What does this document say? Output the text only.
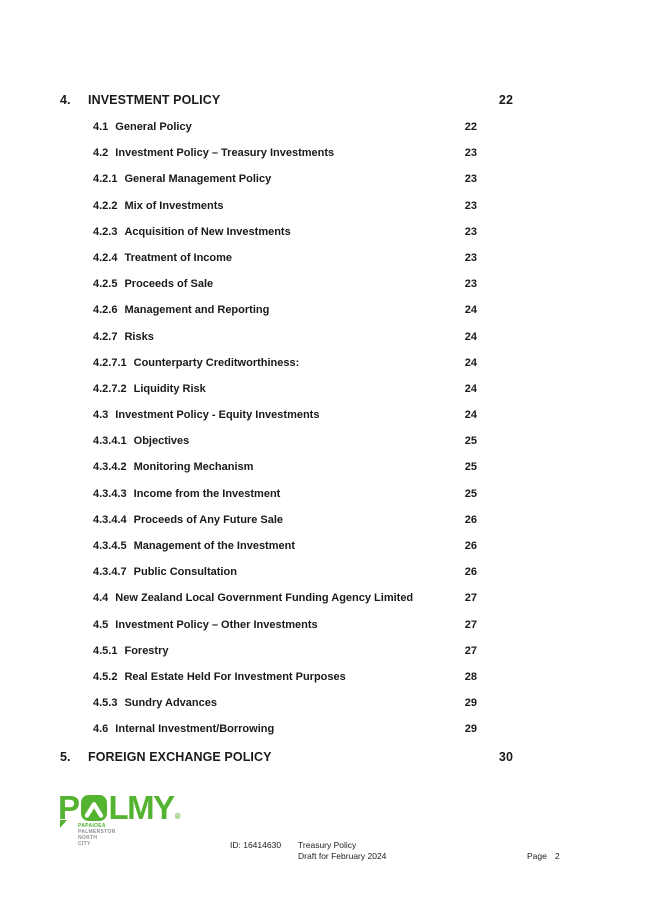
4.	INVESTMENT POLICY	22
4.1 General Policy	22
4.2 Investment Policy – Treasury Investments	23
4.2.1 General Management Policy	23
4.2.2 Mix of Investments	23
4.2.3 Acquisition of New Investments	23
4.2.4 Treatment of Income	23
4.2.5 Proceeds of Sale	23
4.2.6 Management and Reporting	24
4.2.7 Risks	24
4.2.7.1 Counterparty Creditworthiness:	24
4.2.7.2 Liquidity Risk	24
4.3 Investment Policy - Equity Investments	24
4.3.4.1 Objectives	25
4.3.4.2 Monitoring Mechanism	25
4.3.4.3 Income from the Investment	25
4.3.4.4 Proceeds of Any Future Sale	26
4.3.4.5 Management of the Investment	26
4.3.4.7 Public Consultation	26
4.4 New Zealand Local Government Funding Agency Limited	27
4.5 Investment Policy – Other Investments	27
4.5.1 Forestry	27
4.5.2 Real Estate Held For Investment Purposes	28
4.5.3 Sundry Advances	29
4.6 Internal Investment/Borrowing	29
5.	FOREIGN EXCHANGE POLICY	30
P LMY ®
PAPAIOEA
PALMERSTON
NORTH
CITY	ID: 16414630 Treasury Policy
Draft for February 2024	Page 2
